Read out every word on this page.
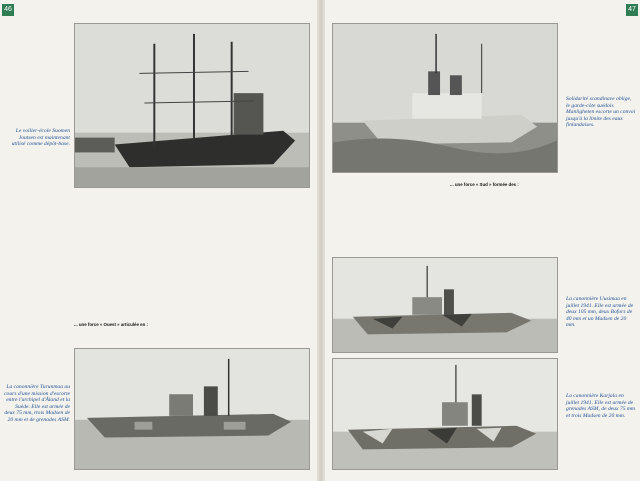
46	47
Le voilier-école Suomen Joutsen est maintenant utilisé comme dépôt-base.

... une force « Ouest » articulée en :

La canonnière Turunmaa au cours d'une mission d'escorte entre l'archipel d'Åland et la Suède. Elle est armée de deux 75 mm, trois Madsen de 20 mm et de grenades ASM.
Solidarité scandinave oblige, le garde-côte suédois Manligheten escorte un convoi jusqu'à la limite des eaux finlandaises.

... une force « Sud » formée des :

La canonnière Uusimaa en juillet 1941. Elle est armée de deux 105 mm, deux Bofors de 40 mm et un Madsen de 20 mm.
La canonnière Karjala en juillet 1941. Elle est armée de grenades ASM, de deux 75 mm et trois Madsen de 20 mm.
